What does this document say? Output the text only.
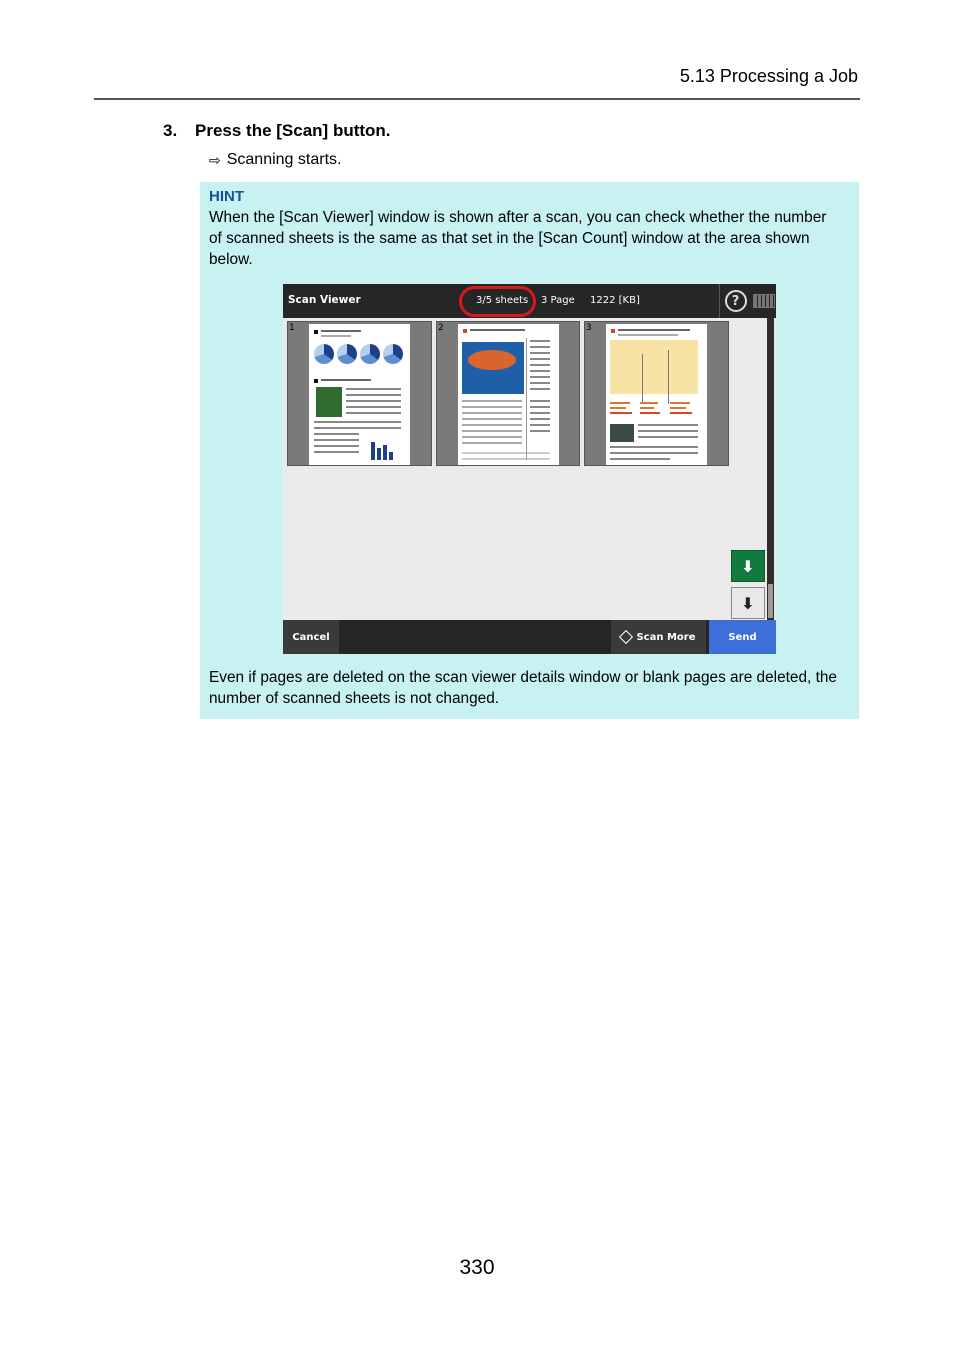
5.13 Processing a Job
3. Press the [Scan] button.
⇨ Scanning starts.
HINT
When the [Scan Viewer] window is shown after a scan, you can check whether the number of scanned sheets is the same as that set in the [Scan Count] window at the area shown below.
Scan Viewer	3/5 sheets 3 Page 1222 [KB]	?
1	2	3
⬇
⬇
Cancel	Scan More	Send
Even if pages are deleted on the scan viewer details window or blank pages are deleted, the number of scanned sheets is not changed.
330
